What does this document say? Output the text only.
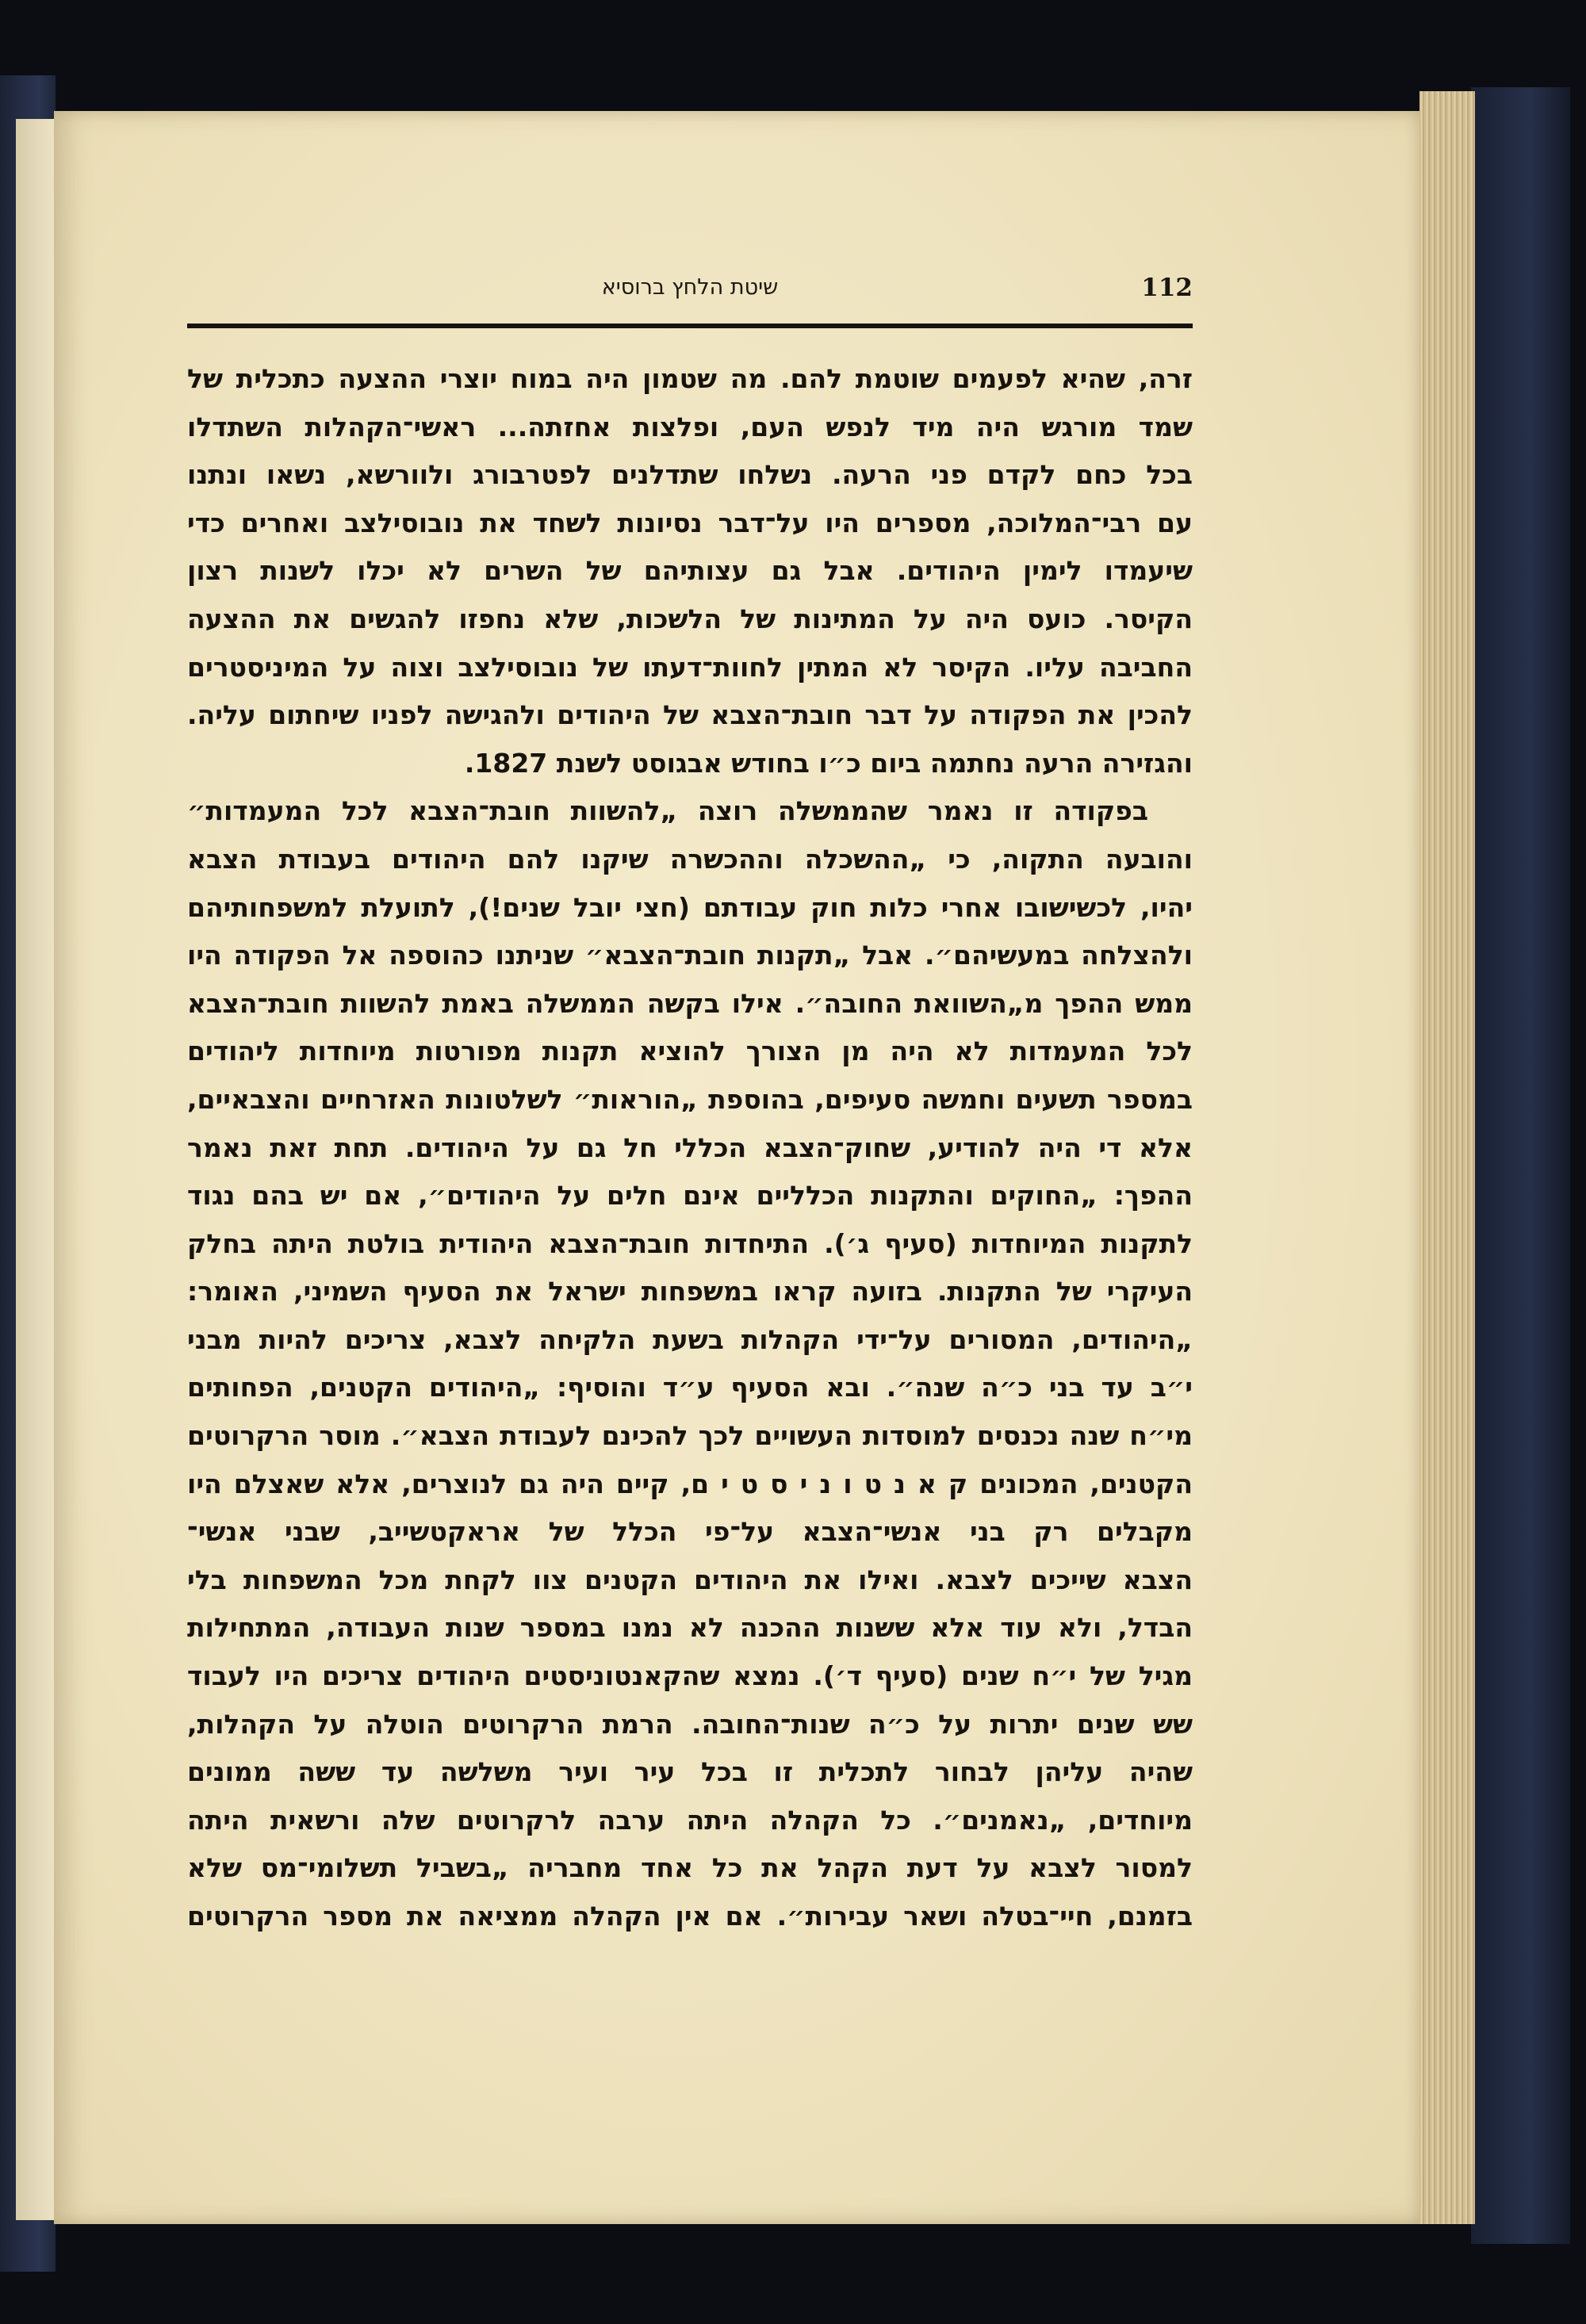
112
שיטת הלחץ ברוסיא
זרה, שהיא לפעמים שוטמת להם. מה שטמון היה במוח יוצרי ההצעה כתכלית של
שמד מורגש היה מיד לנפש העם, ופלצות אחזתה... ראשי־הקהלות השתדלו
בכל כחם לקדם פני הרעה. נשלחו שתדלנים לפטרבורג ולוורשא, נשאו ונתנו
עם רבי־המלוכה, מספרים היו על־דבר נסיונות לשחד את נובוסילצב ואחרים כדי
שיעמדו לימין היהודים. אבל גם עצותיהם של השרים לא יכלו לשנות רצון
הקיסר. כועס היה על המתינות של הלשכות, שלא נחפזו להגשים את ההצעה
החביבה עליו. הקיסר לא המתין לחוות־דעתו של נובוסילצב וצוה על המיניסטרים
להכין את הפקודה על דבר חובת־הצבא של היהודים ולהגישה לפניו שיחתום עליה.
והגזירה הרעה נחתמה ביום כ״ו בחודש אבגוסט לשנת 1827.
בפקודה זו נאמר שהממשלה רוצה „להשוות חובת־הצבא לכל המעמדות״
והובעה התקוה, כי „ההשכלה וההכשרה שיקנו להם היהודים בעבודת הצבא
יהיו, לכשישובו אחרי כלות חוק עבודתם (חצי יובל שנים!), לתועלת למשפחותיהם
ולהצלחה במעשיהם״. אבל „תקנות חובת־הצבא״ שניתנו כהוספה אל הפקודה היו
ממש ההפך מ„השוואת החובה״. אילו בקשה הממשלה באמת להשוות חובת־הצבא
לכל המעמדות לא היה מן הצורך להוציא תקנות מפורטות מיוחדות ליהודים
במספר תשעים וחמשה סעיפים, בהוספת „הוראות״ לשלטונות האזרחיים והצבאיים,
אלא די היה להודיע, שחוק־הצבא הכללי חל גם על היהודים. תחת זאת נאמר
ההפך: „החוקים והתקנות הכלליים אינם חלים על היהודים״, אם יש בהם נגוד
לתקנות המיוחדות (סעיף ג׳). התיחדות חובת־הצבא היהודית בולטת היתה בחלק
העיקרי של התקנות. בזועה קראו במשפחות ישראל את הסעיף השמיני, האומר:
„היהודים, המסורים על־ידי הקהלות בשעת הלקיחה לצבא, צריכים להיות מבני
י״ב עד בני כ״ה שנה״. ובא הסעיף ע״ד והוסיף: „היהודים הקטנים, הפחותים
מי״ח שנה נכנסים למוסדות העשויים לכך להכינם לעבודת הצבא״. מוסר הרקרוטים
הקטנים, המכונים ק א נ ט ו נ י ס ט י ם, קיים היה גם לנוצרים, אלא שאצלם היו
מקבלים רק בני אנשי־הצבא על־פי הכלל של אראקטשייב, שבני אנשי־
הצבא שייכים לצבא. ואילו את היהודים הקטנים צוו לקחת מכל המשפחות בלי
הבדל, ולא עוד אלא ששנות ההכנה לא נמנו במספר שנות העבודה, המתחילות
מגיל של י״ח שנים (סעיף ד׳). נמצא שהקאנטוניסטים היהודים צריכים היו לעבוד
שש שנים יתרות על כ״ה שנות־החובה. הרמת הרקרוטים הוטלה על הקהלות,
שהיה עליהן לבחור לתכלית זו בכל עיר ועיר משלשה עד ששה ממונים
מיוחדים, „נאמנים״. כל הקהלה היתה ערבה לרקרוטים שלה ורשאית היתה
למסור לצבא על דעת הקהל את כל אחד מחבריה „בשביל תשלומי־מס שלא
בזמנם, חיי־בטלה ושאר עבירות״. אם אין הקהלה ממציאה את מספר הרקרוטים
